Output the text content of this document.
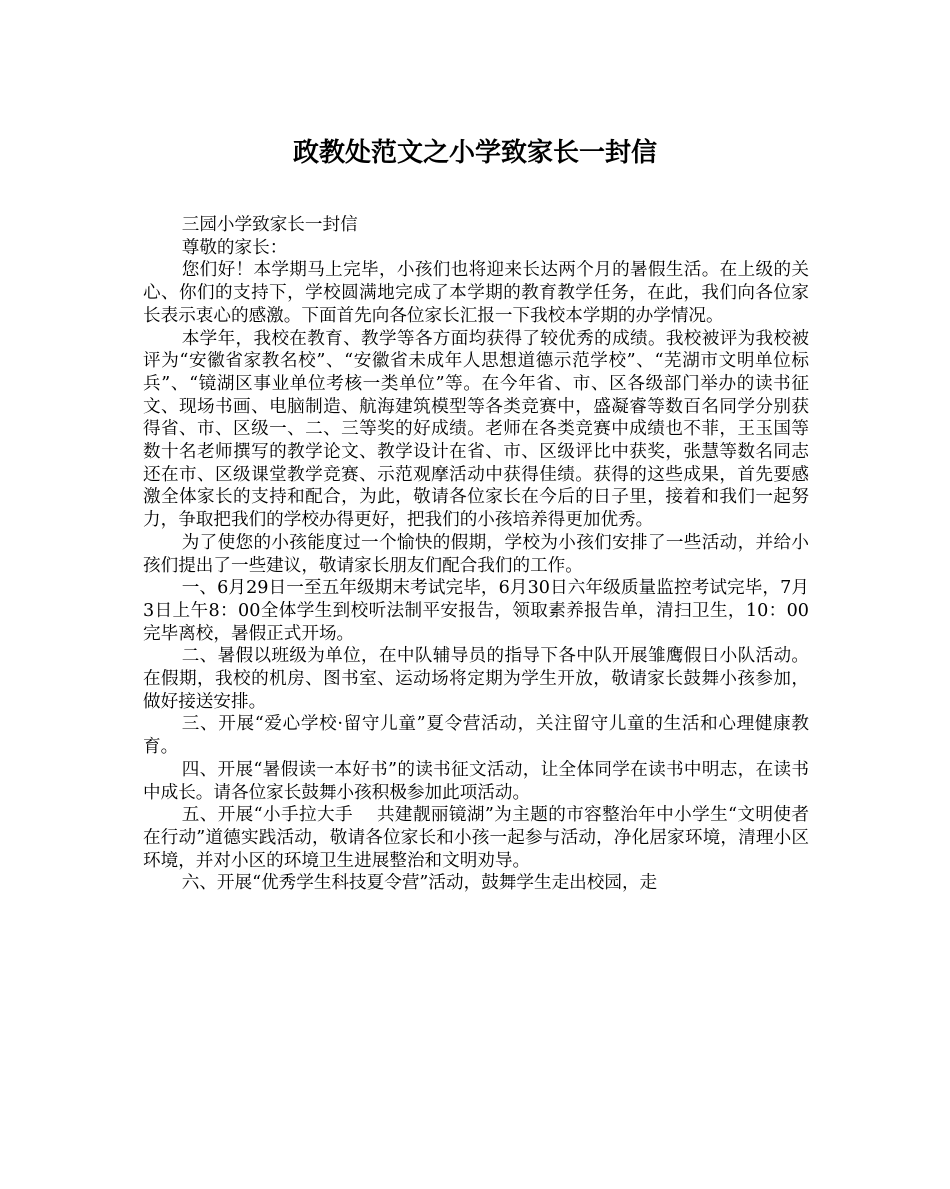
政教处范文之小学致家长一封信

三园小学致家长一封信

尊敬的家长：

您们好！本学期马上完毕，小孩们也将迎来长达两个月的暑假生活。在上级的关心、你们的支持下，学校圆满地完成了本学期的教育教学任务，在此，我们向各位家长表示衷心的感激。下面首先向各位家长汇报一下我校本学期的办学情况。

本学年，我校在教育、教学等各方面均获得了较优秀的成绩。我校被评为我校被评为“安徽省家教名校”、“安徽省未成年人思想道德示范学校”、“芜湖市文明单位标兵”、“镜湖区事业单位考核一类单位”等。在今年省、市、区各级部门举办的读书征文、现场书画、电脑制造、航海建筑模型等各类竞赛中，盛凝睿等数百名同学分别获得省、市、区级一、二、三等奖的好成绩。老师在各类竞赛中成绩也不菲，王玉国等数十名老师撰写的教学论文、教学设计在省、市、区级评比中获奖，张慧等数名同志还在市、区级课堂教学竞赛、示范观摩活动中获得佳绩。获得的这些成果，首先要感激全体家长的支持和配合，为此，敬请各位家长在今后的日子里，接着和我们一起努力，争取把我们的学校办得更好，把我们的小孩培养得更加优秀。

为了使您的小孩能度过一个愉快的假期，学校为小孩们安排了一些活动，并给小孩们提出了一些建议，敬请家长朋友们配合我们的工作。

一、6月29日一至五年级期末考试完毕，6月30日六年级质量监控考试完毕，7月3日上午8：00全体学生到校听法制平安报告，领取素养报告单，清扫卫生，10：00完毕离校，暑假正式开场。

二、暑假以班级为单位，在中队辅导员的指导下各中队开展雏鹰假日小队活动。在假期，我校的机房、图书室、运动场将定期为学生开放，敬请家长鼓舞小孩参加，做好接送安排。

三、开展“爱心学校·留守儿童”夏令营活动，关注留守儿童的生活和心理健康教育。

四、开展“暑假读一本好书”的读书征文活动，让全体同学在读书中明志，在读书中成长。请各位家长鼓舞小孩积极参加此项活动。

五、开展“小手拉大手　 共建靓丽镜湖”为主题的市容整治年中小学生“文明使者在行动”道德实践活动，敬请各位家长和小孩一起参与活动，净化居家环境，清理小区环境，并对小区的环境卫生进展整治和文明劝导。

六、开展“优秀学生科技夏令营”活动，鼓舞学生走出校园，走
